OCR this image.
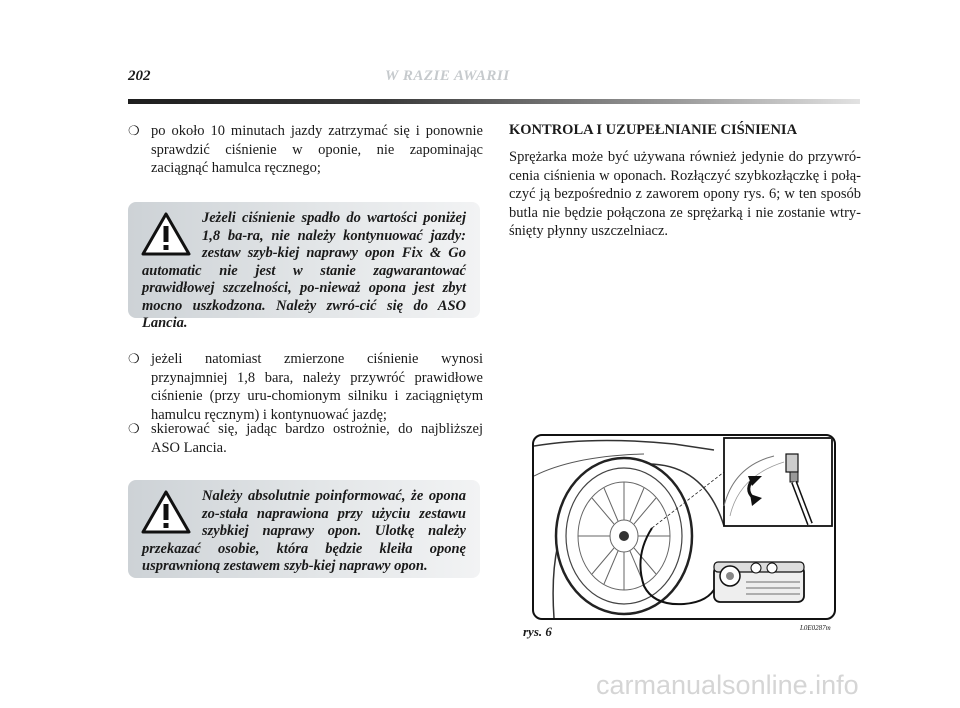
202	W RAZIE AWARII
❍ po około 10 minutach jazdy zatrzymać się i ponownie sprawdzić ciśnienie w oponie, nie zapominając zaciągnąć hamulca ręcznego;

Jeżeli ciśnienie spadło do wartości poniżej 1,8 ba-ra, nie należy kontynuować jazdy: zestaw szyb-kiej naprawy opon Fix & Go automatic nie jest w stanie zagwarantować prawidłowej szczelności, po-nieważ opona jest zbyt mocno uszkodzona. Należy zwró-cić się do ASO Lancia.

❍ jeżeli natomiast zmierzone ciśnienie wynosi przynajmniej 1,8 bara, należy przywróć prawidłowe ciśnienie (przy uru-chomionym silniku i zaciągniętym hamulcu ręcznym) i kontynuować jazdę;
❍ skierować się, jadąc bardzo ostrożnie, do najbliższej ASO Lancia.

Należy absolutnie poinformować, że opona zo-stała naprawiona przy użyciu zestawu szybkiej naprawy opon. Ulotkę należy przekazać osobie, która będzie kleiła oponę usprawnioną zestawem szyb-kiej naprawy opon.

KONTROLA I UZUPEŁNIANIE CIŚNIENIA

Sprężarka może być używana również jedynie do przywró-cenia ciśnienia w oponach. Rozłączyć szybkozłączkę i połą-czyć ją bezpośrednio z zaworem opony rys. 6; w ten sposób butla nie będzie połączona ze sprężarką i nie zostanie wtry-śnięty płynny uszczelniacz.

rys. 6	L0E0287m
carmanualsonline.info
